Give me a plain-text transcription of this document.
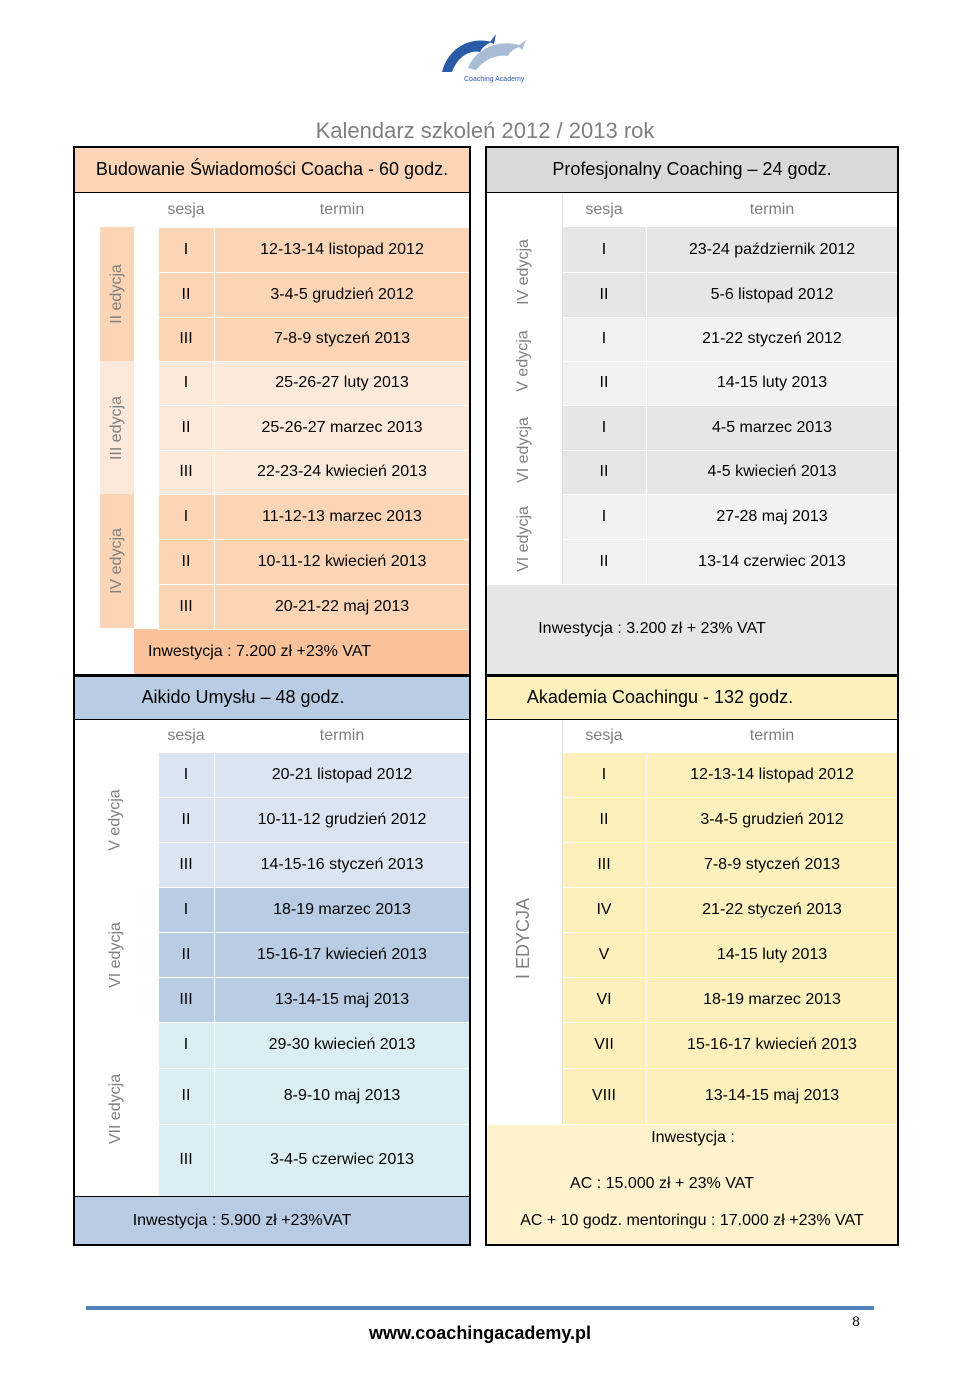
Coaching Academy
Kalendarz szkoleń 2012 / 2013 rok
Budowanie Świadomości Coacha - 60 godz.
sesja	termin
II edycja
III edycja
IV edycja
I	12-13-14 listopad 2012
II	3-4-5 grudzień 2012
III	7-8-9 styczeń 2013
I	25-26-27 luty 2013
II	25-26-27 marzec 2013
III	22-23-24 kwiecień 2013
I	11-12-13 marzec 2013
II	10-11-12 kwiecień 2013
III	20-21-22 maj 2013
Inwestycja : 7.200 zł +23% VAT
Profesjonalny Coaching – 24 godz.
sesja	termin
IV edycja
V edycja
VI edycja
VI edycja
I	23-24 październik 2012
II	5-6 listopad 2012
I	21-22 styczeń 2012
II	14-15 luty 2013
I	4-5 marzec 2013
II	4-5 kwiecień 2013
I	27-28 maj 2013
II	13-14 czerwiec 2013
Inwestycja : 3.200 zł + 23% VAT
Aikido Umysłu – 48 godz.
sesja	termin
V edycja
VI edycja
VII edycja
I	20-21 listopad 2012
II	10-11-12 grudzień 2012
III	14-15-16 styczeń 2013
I	18-19 marzec 2013
II	15-16-17 kwiecień 2013
III	13-14-15 maj 2013
I	29-30 kwiecień 2013
II	8-9-10 maj 2013
III	3-4-5 czerwiec 2013
Inwestycja : 5.900 zł +23%VAT
Akademia Coachingu - 132 godz.
sesja	termin
I EDYCJA
I	12-13-14 listopad 2012
II	3-4-5 grudzień 2012
III	7-8-9 styczeń 2013
IV	21-22 styczeń 2013
V	14-15 luty 2013
VI	18-19 marzec 2013
VII	15-16-17 kwiecień 2013
VIII	13-14-15 maj 2013
Inwestycja :
AC : 15.000 zł + 23% VAT
AC + 10 godz. mentoringu : 17.000 zł +23% VAT
www.coachingacademy.pl
8
